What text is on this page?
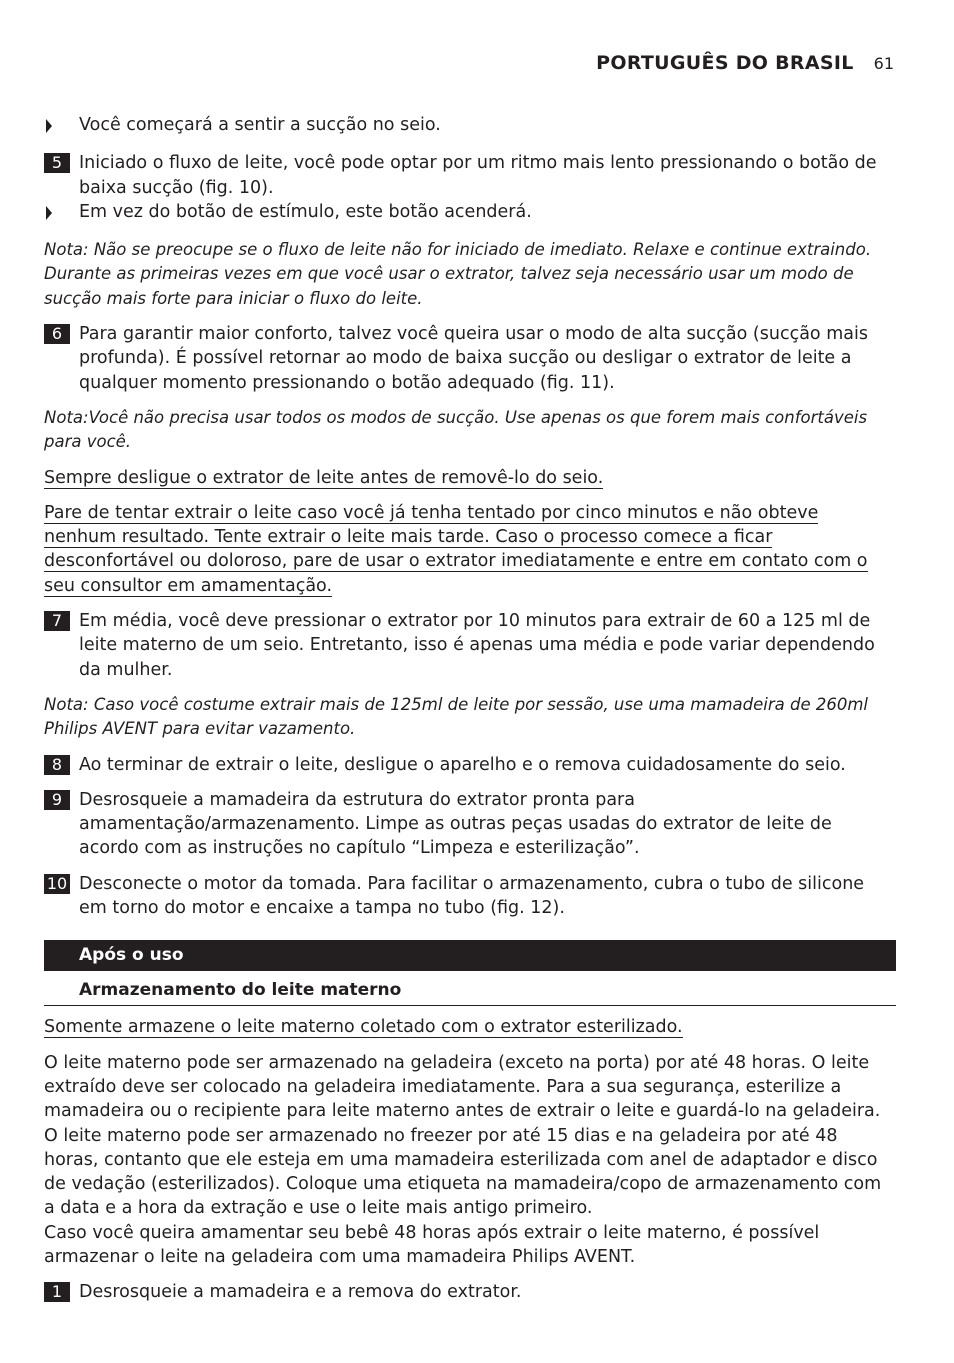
PORTUGUÊS DO BRASIL 61
Você começará a sentir a sucção no seio.
5 Iniciado o fluxo de leite, você pode optar por um ritmo mais lento pressionando o botão de baixa sucção (fig. 10).
Em vez do botão de estímulo, este botão acenderá.
Nota: Não se preocupe se o fluxo de leite não for iniciado de imediato. Relaxe e continue extraindo. Durante as primeiras vezes em que você usar o extrator, talvez seja necessário usar um modo de sucção mais forte para iniciar o fluxo do leite.
6 Para garantir maior conforto, talvez você queira usar o modo de alta sucção (sucção mais profunda). É possível retornar ao modo de baixa sucção ou desligar o extrator de leite a qualquer momento pressionando o botão adequado (fig. 11).
Nota:Você não precisa usar todos os modos de sucção. Use apenas os que forem mais confortáveis para você.
Sempre desligue o extrator de leite antes de removê-lo do seio.
Pare de tentar extrair o leite caso você já tenha tentado por cinco minutos e não obteve nenhum resultado. Tente extrair o leite mais tarde. Caso o processo comece a ficar desconfortável ou doloroso, pare de usar o extrator imediatamente e entre em contato com o seu consultor em amamentação.
7 Em média, você deve pressionar o extrator por 10 minutos para extrair de 60 a 125 ml de leite materno de um seio. Entretanto, isso é apenas uma média e pode variar dependendo da mulher.
Nota: Caso você costume extrair mais de 125ml de leite por sessão, use uma mamadeira de 260ml Philips AVENT para evitar vazamento.
8 Ao terminar de extrair o leite, desligue o aparelho e o remova cuidadosamente do seio.
9 Desrosqueie a mamadeira da estrutura do extrator pronta para amamentação/armazenamento. Limpe as outras peças usadas do extrator de leite de acordo com as instruções no capítulo “Limpeza e esterilização”.
10 Desconecte o motor da tomada. Para facilitar o armazenamento, cubra o tubo de silicone em torno do motor e encaixe a tampa no tubo (fig. 12).
Após o uso
Armazenamento do leite materno
Somente armazene o leite materno coletado com o extrator esterilizado.
O leite materno pode ser armazenado na geladeira (exceto na porta) por até 48 horas. O leite extraído deve ser colocado na geladeira imediatamente. Para a sua segurança, esterilize a mamadeira ou o recipiente para leite materno antes de extrair o leite e guardá-lo na geladeira.
O leite materno pode ser armazenado no freezer por até 15 dias e na geladeira por até 48 horas, contanto que ele esteja em uma mamadeira esterilizada com anel de adaptador e disco de vedação (esterilizados). Coloque uma etiqueta na mamadeira/copo de armazenamento com a data e a hora da extração e use o leite mais antigo primeiro.
Caso você queira amamentar seu bebê 48 horas após extrair o leite materno, é possível armazenar o leite na geladeira com uma mamadeira Philips AVENT.
1 Desrosqueie a mamadeira e a remova do extrator.
